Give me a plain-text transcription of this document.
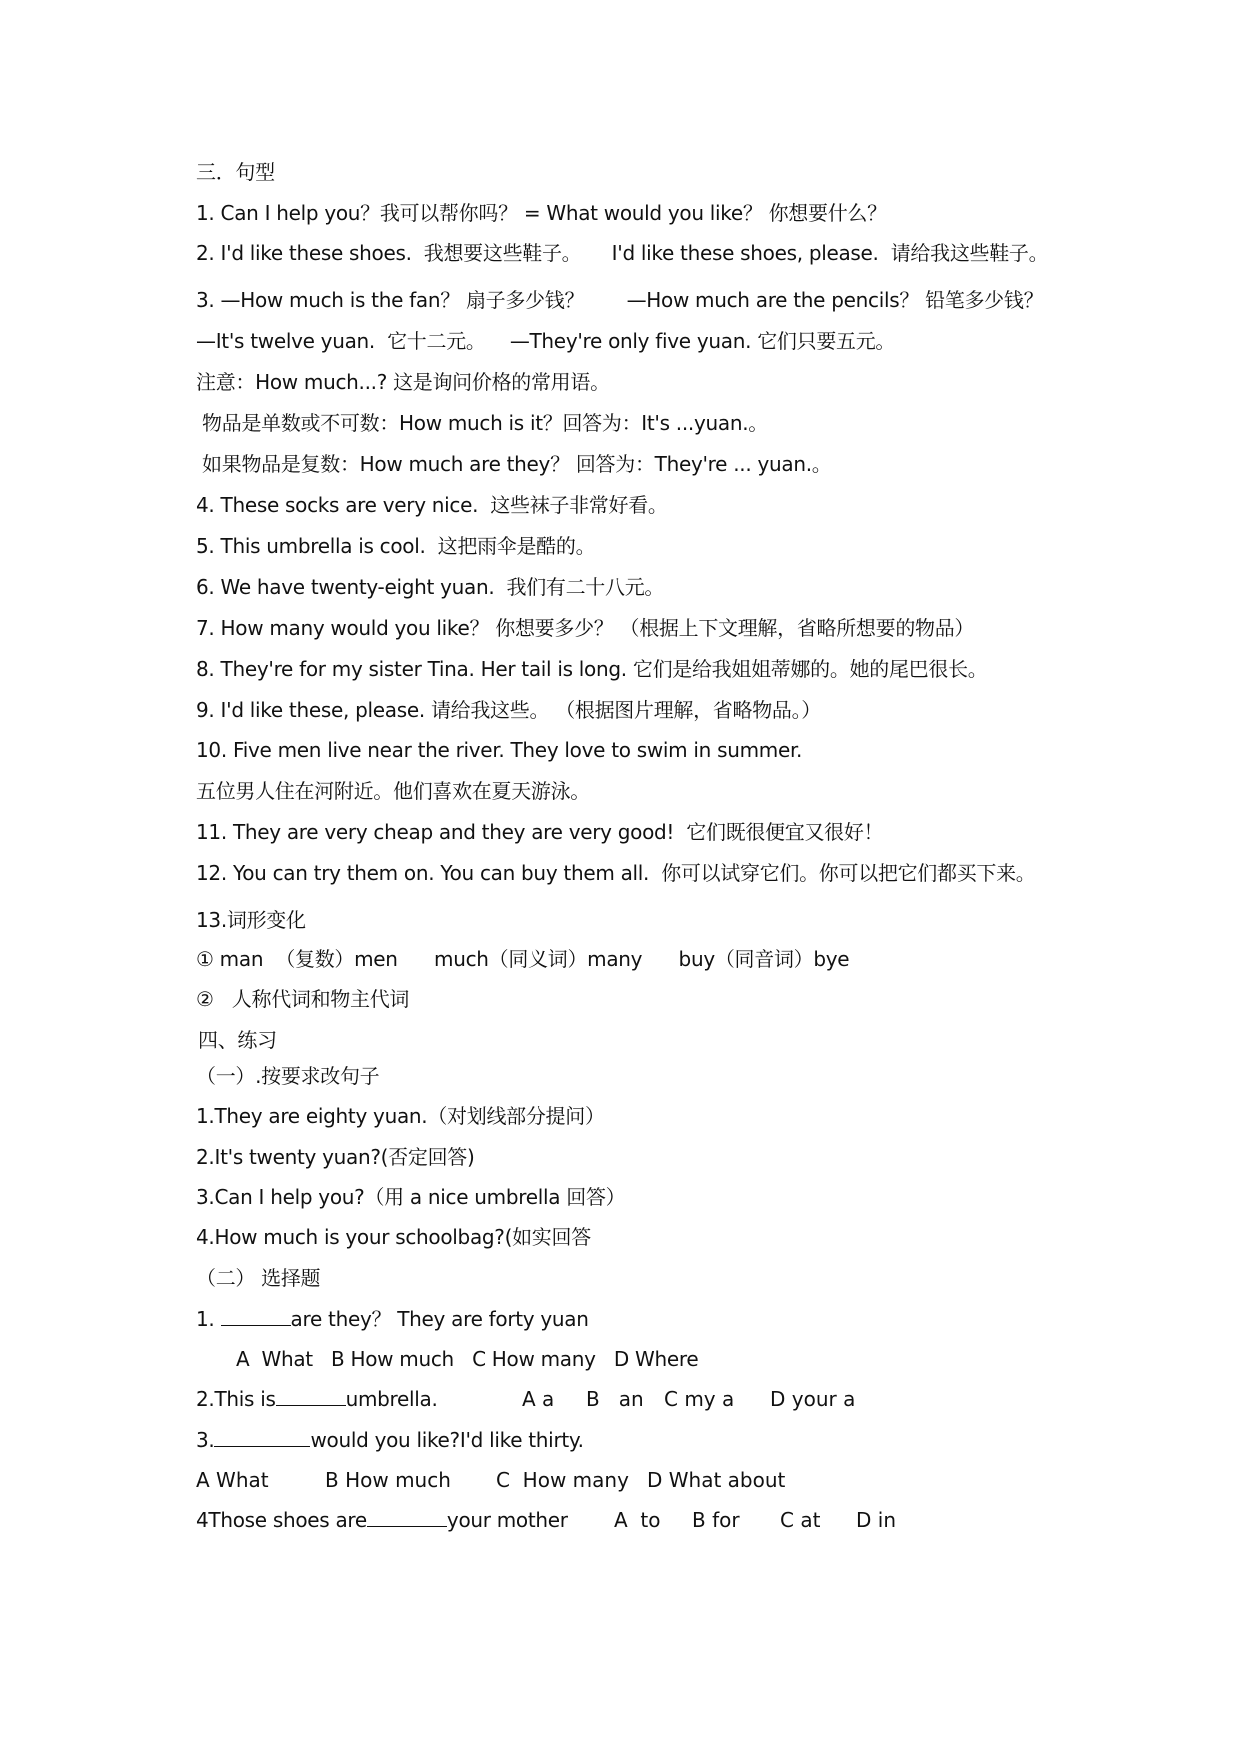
三．句型
1. Can I help you？我可以帮你吗？ = What would you like？ 你想要什么？
2. I'd like these shoes.  我想要这些鞋子。     I'd like these shoes, please.  请给我这些鞋子。
3. —How much is the fan？ 扇子多少钱？       —How much are the pencils？ 铅笔多少钱？
—It's twelve yuan.  它十二元。    —They're only five yuan. 它们只要五元。
注意：How much...? 这是询问价格的常用语。
物品是单数或不可数：How much is it？回答为：It's ...yuan.。
如果物品是复数：How much are they？ 回答为：They're ... yuan.。
4. These socks are very nice.  这些袜子非常好看。
5. This umbrella is cool.  这把雨伞是酷的。
6. We have twenty-eight yuan.  我们有二十八元。
7. How many would you like？ 你想要多少？ （根据上下文理解，省略所想要的物品）
8. They're for my sister Tina. Her tail is long. 它们是给我姐姐蒂娜的。她的尾巴很长。
9. I'd like these, please. 请给我这些。 （根据图片理解，省略物品。）
10. Five men live near the river. They love to swim in summer.
五位男人住在河附近。他们喜欢在夏天游泳。
11. They are very cheap and they are very good!  它们既很便宜又很好！
12. You can try them on. You can buy them all.  你可以试穿它们。你可以把它们都买下来。
13.词形变化
① man  （复数）men      much（同义词）many      buy（同音词）bye
②   人称代词和物主代词
四、练习
（一）.按要求改句子
1.They are eighty yuan.（对划线部分提问）
2.It's twenty yuan?(否定回答)
3.Can I help you?（用 a nice umbrella 回答）
4.How much is your schoolbag?(如实回答
（二） 选择题
1.	are they？ They are forty yuan
A  What   B How much   C How many   D Where
2.This is	umbrella.	A a B   an C my a D your a
3.	would you like?I'd like thirty.
A What	B How much C  How many D What about
4Those shoes are	your mother A  to B for C at D in
